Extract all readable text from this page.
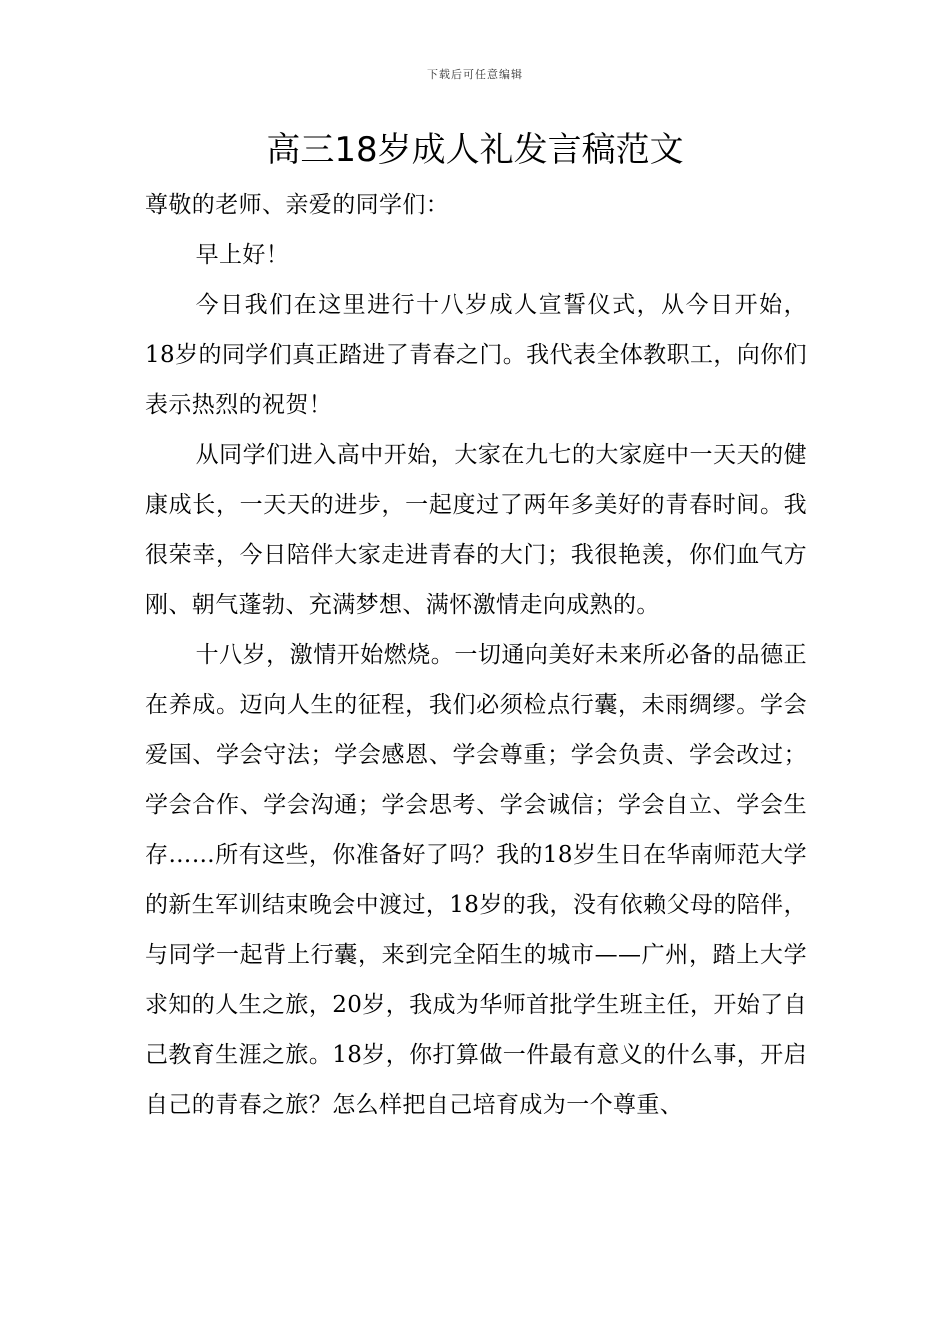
下载后可任意编辑
高三18岁成人礼发言稿范文

尊敬的老师、亲爱的同学们：

早上好！

今日我们在这里进行十八岁成人宣誓仪式，从今日开始，18岁的同学们真正踏进了青春之门。我代表全体教职工，向你们表示热烈的祝贺！

从同学们进入高中开始，大家在九七的大家庭中一天天的健康成长，一天天的进步，一起度过了两年多美好的青春时间。我很荣幸，今日陪伴大家走进青春的大门；我很艳羡，你们血气方刚、朝气蓬勃、充满梦想、满怀激情走向成熟的。

十八岁，激情开始燃烧。一切通向美好未来所必备的品德正在养成。迈向人生的征程，我们必须检点行囊，未雨绸缪。学会爱国、学会守法；学会感恩、学会尊重；学会负责、学会改过；学会合作、学会沟通；学会思考、学会诚信；学会自立、学会生存……所有这些，你准备好了吗？我的18岁生日在华南师范大学的新生军训结束晚会中渡过，18岁的我，没有依赖父母的陪伴，与同学一起背上行囊，来到完全陌生的城市——广州，踏上大学求知的人生之旅，20岁，我成为华师首批学生班主任，开始了自己教育生涯之旅。18岁，你打算做一件最有意义的什么事，开启自己的青春之旅？怎么样把自己培育成为一个尊重、
